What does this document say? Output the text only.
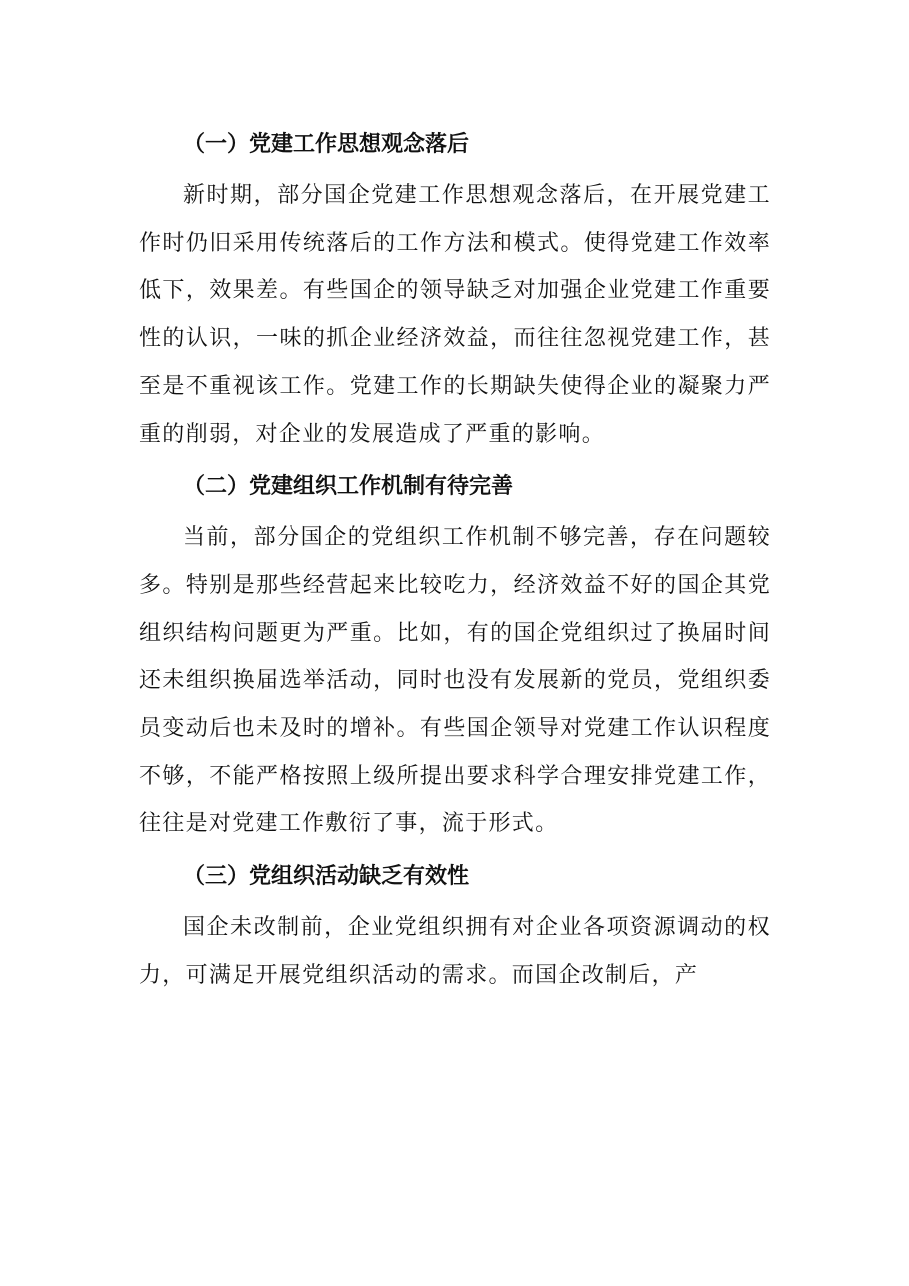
（一）党建工作思想观念落后

新时期，部分国企党建工作思想观念落后，在开展党建工作时仍旧采用传统落后的工作方法和模式。使得党建工作效率低下，效果差。有些国企的领导缺乏对加强企业党建工作重要性的认识，一味的抓企业经济效益，而往往忽视党建工作，甚至是不重视该工作。党建工作的长期缺失使得企业的凝聚力严重的削弱，对企业的发展造成了严重的影响。

（二）党建组织工作机制有待完善

当前，部分国企的党组织工作机制不够完善，存在问题较多。特别是那些经营起来比较吃力，经济效益不好的国企其党组织结构问题更为严重。比如，有的国企党组织过了换届时间还未组织换届选举活动，同时也没有发展新的党员，党组织委员变动后也未及时的增补。有些国企领导对党建工作认识程度不够，不能严格按照上级所提出要求科学合理安排党建工作，往往是对党建工作敷衍了事，流于形式。

（三）党组织活动缺乏有效性

国企未改制前，企业党组织拥有对企业各项资源调动的权力，可满足开展党组织活动的需求。而国企改制后，产
